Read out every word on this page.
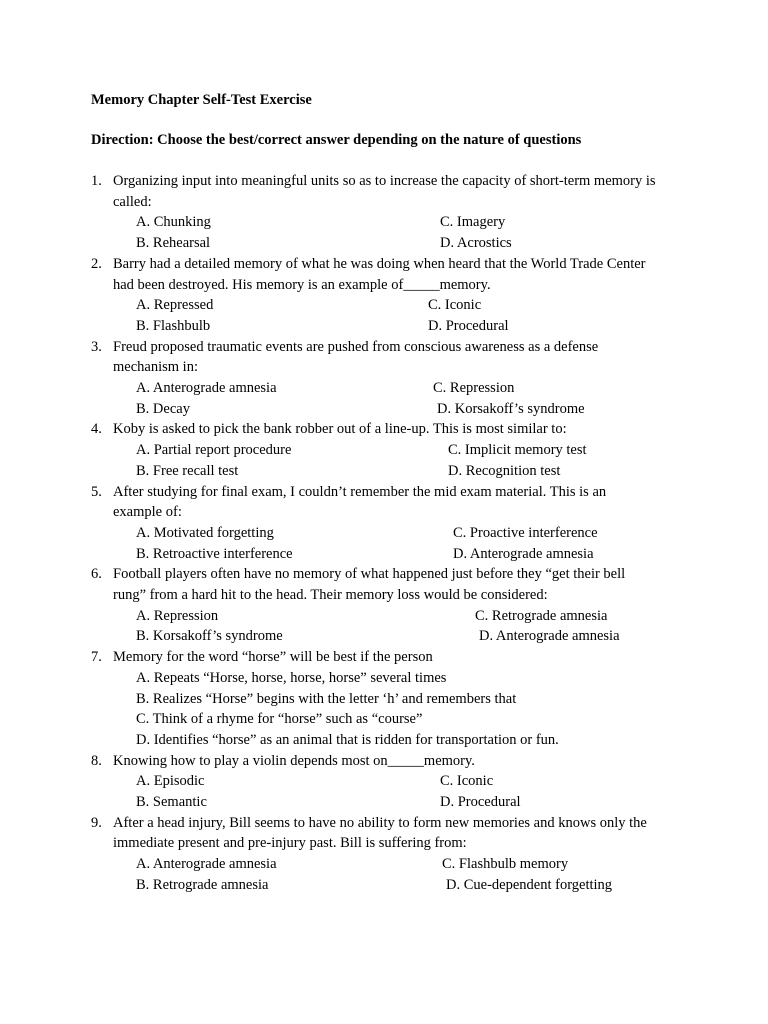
Memory Chapter Self-Test Exercise
Direction: Choose the best/correct answer depending on the nature of questions
1. Organizing input into meaningful units so as to increase the capacity of short-term memory is
called:
A. Chunking	C. Imagery
B. Rehearsal	D. Acrostics
2. Barry had a detailed memory of what he was doing when heard that the World Trade Center
had been destroyed. His memory is an example of_____memory.
A. Repressed	C. Iconic
B. Flashbulb	D. Procedural
3. Freud proposed traumatic events are pushed from conscious awareness as a defense
mechanism in:
A. Anterograde amnesia	C. Repression
B. Decay	D. Korsakoff’s syndrome
4. Koby is asked to pick the bank robber out of a line-up. This is most similar to:
A. Partial report procedure	C. Implicit memory test
B. Free recall test	D. Recognition test
5. After studying for final exam, I couldn’t remember the mid exam material. This is an
example of:
A. Motivated forgetting	C. Proactive interference
B. Retroactive interference	D. Anterograde amnesia
6. Football players often have no memory of what happened just before they “get their bell
rung” from a hard hit to the head. Their memory loss would be considered:
A. Repression	C. Retrograde amnesia
B. Korsakoff’s syndrome	D. Anterograde amnesia
7. Memory for the word “horse” will be best if the person
A. Repeats “Horse, horse, horse, horse” several times
B. Realizes “Horse” begins with the letter ‘h’ and remembers that
C. Think of a rhyme for “horse” such as “course”
D. Identifies “horse” as an animal that is ridden for transportation or fun.
8. Knowing how to play a violin depends most on_____memory.
A. Episodic	C. Iconic
B. Semantic	D. Procedural
9. After a head injury, Bill seems to have no ability to form new memories and knows only the
immediate present and pre-injury past. Bill is suffering from:
A. Anterograde amnesia	C. Flashbulb memory
B. Retrograde amnesia	D. Cue-dependent forgetting
